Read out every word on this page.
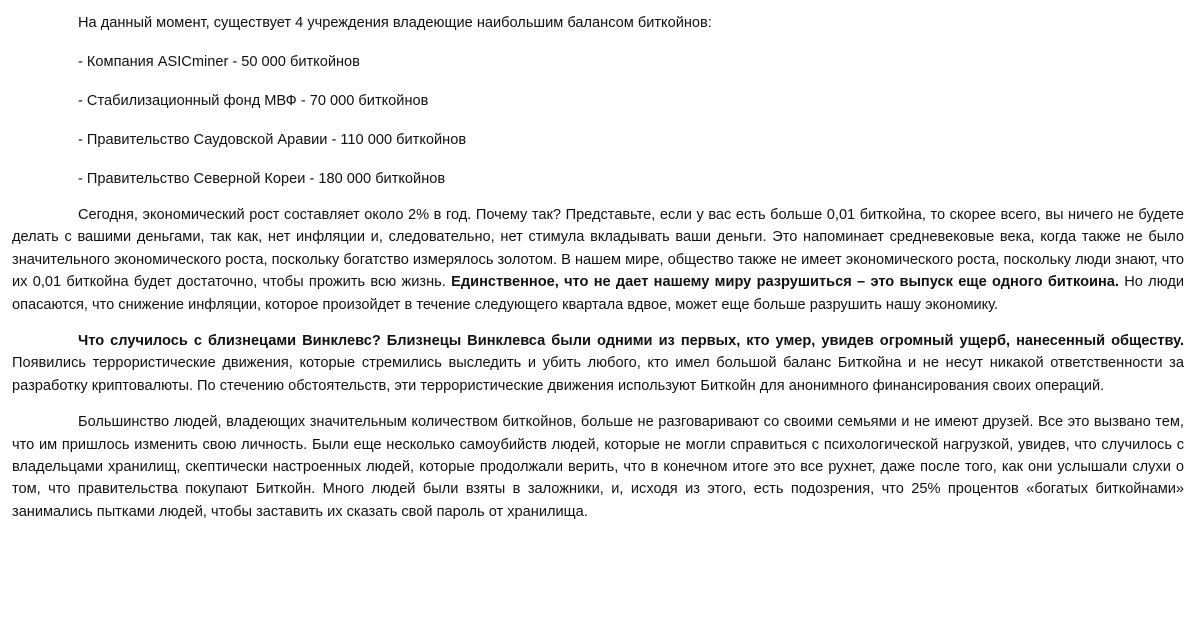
На данный момент, существует 4 учреждения владеющие наибольшим балансом биткойнов:

- Компания ASICminer - 50 000 биткойнов

- Стабилизационный фонд МВФ - 70 000 биткойнов

- Правительство Саудовской Аравии - 110 000 биткойнов

- Правительство Северной Кореи - 180 000 биткойнов

Сегодня, экономический рост составляет около 2% в год. Почему так? Представьте, если у вас есть больше 0,01 биткойна, то скорее всего, вы ничего не будете делать с вашими деньгами, так как, нет инфляции и, следовательно, нет стимула вкладывать ваши деньги. Это напоминает средневековые века, когда также не было значительного экономического роста, поскольку богатство измерялось золотом. В нашем мире, общество также не имеет экономического роста, поскольку люди знают, что их 0,01 биткойна будет достаточно, чтобы прожить всю жизнь. Единственное, что не дает нашему миру разрушиться – это выпуск еще одного биткоина. Но люди опасаются, что снижение инфляции, которое произойдет в течение следующего квартала вдвое, может еще больше разрушить нашу экономику.

Что случилось с близнецами Винклевс? Близнецы Винклевса были одними из первых, кто умер, увидев огромный ущерб, нанесенный обществу. Появились террористические движения, которые стремились выследить и убить любого, кто имел большой баланс Биткойна и не несут никакой ответственности за разработку криптовалюты. По стечению обстоятельств, эти террористические движения используют Биткойн для анонимного финансирования своих операций.

Большинство людей, владеющих значительным количеством биткойнов, больше не разговаривают со своими семьями и не имеют друзей. Все это вызвано тем, что им пришлось изменить свою личность. Были еще несколько самоубийств людей, которые не могли справиться с психологической нагрузкой, увидев, что случилось с владельцами хранилищ, скептически настроенных людей, которые продолжали верить, что в конечном итоге это все рухнет, даже после того, как они услышали слухи о том, что правительства покупают Биткойн. Много людей были взяты в заложники, и, исходя из этого, есть подозрения, что 25% процентов «богатых биткойнами» занимались пытками людей, чтобы заставить их сказать свой пароль от хранилища.
